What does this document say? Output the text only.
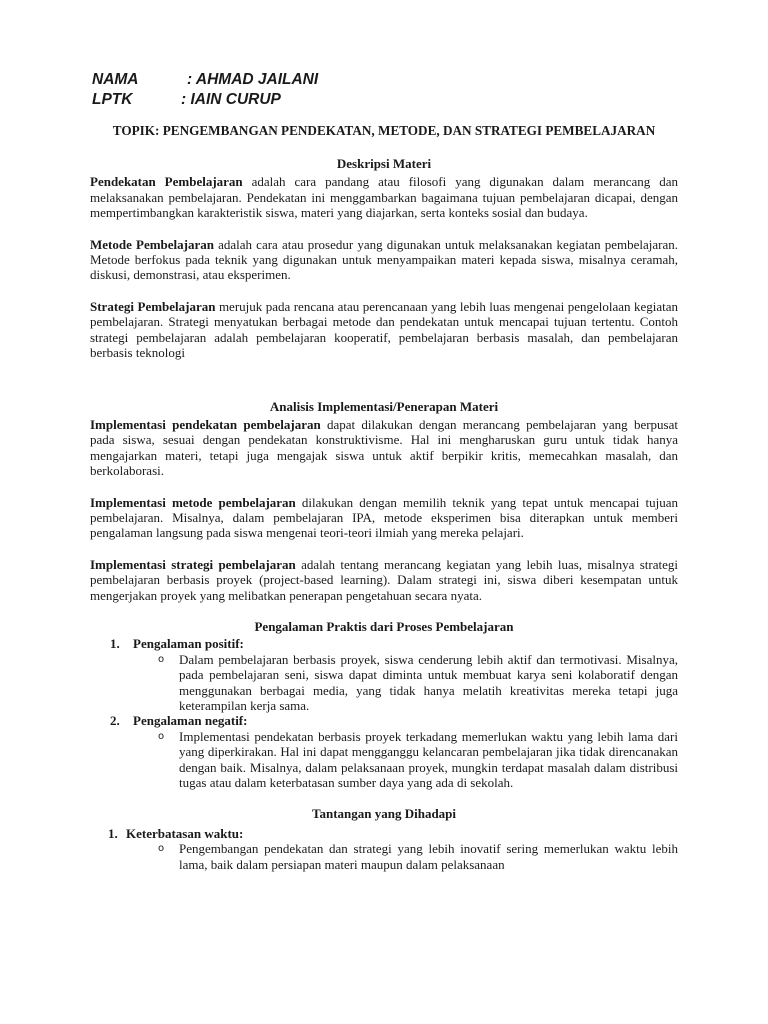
NAMA	: AHMAD JAILANI
LPTK	: IAIN CURUP
TOPIK: PENGEMBANGAN PENDEKATAN, METODE, DAN STRATEGI PEMBELAJARAN
Deskripsi Materi

Pendekatan Pembelajaran adalah cara pandang atau filosofi yang digunakan dalam merancang dan melaksanakan pembelajaran. Pendekatan ini menggambarkan bagaimana tujuan pembelajaran dicapai, dengan mempertimbangkan karakteristik siswa, materi yang diajarkan, serta konteks sosial dan budaya.

Metode Pembelajaran adalah cara atau prosedur yang digunakan untuk melaksanakan kegiatan pembelajaran. Metode berfokus pada teknik yang digunakan untuk menyampaikan materi kepada siswa, misalnya ceramah, diskusi, demonstrasi, atau eksperimen.

Strategi Pembelajaran merujuk pada rencana atau perencanaan yang lebih luas mengenai pengelolaan kegiatan pembelajaran. Strategi menyatukan berbagai metode dan pendekatan untuk mencapai tujuan tertentu. Contoh strategi pembelajaran adalah pembelajaran kooperatif, pembelajaran berbasis masalah, dan pembelajaran berbasis teknologi

Analisis Implementasi/Penerapan Materi

Implementasi pendekatan pembelajaran dapat dilakukan dengan merancang pembelajaran yang berpusat pada siswa, sesuai dengan pendekatan konstruktivisme. Hal ini mengharuskan guru untuk tidak hanya mengajarkan materi, tetapi juga mengajak siswa untuk aktif berpikir kritis, memecahkan masalah, dan berkolaborasi.

Implementasi metode pembelajaran dilakukan dengan memilih teknik yang tepat untuk mencapai tujuan pembelajaran. Misalnya, dalam pembelajaran IPA, metode eksperimen bisa diterapkan untuk memberi pengalaman langsung pada siswa mengenai teori-teori ilmiah yang mereka pelajari.

Implementasi strategi pembelajaran adalah tentang merancang kegiatan yang lebih luas, misalnya strategi pembelajaran berbasis proyek (project-based learning). Dalam strategi ini, siswa diberi kesempatan untuk mengerjakan proyek yang melibatkan penerapan pengetahuan secara nyata.

Pengalaman Praktis dari Proses Pembelajaran
1.	Pengalaman positif:
o	Dalam pembelajaran berbasis proyek, siswa cenderung lebih aktif dan termotivasi. Misalnya, pada pembelajaran seni, siswa dapat diminta untuk membuat karya seni kolaboratif dengan menggunakan berbagai media, yang tidak hanya melatih kreativitas mereka tetapi juga keterampilan kerja sama.

2.	Pengalaman negatif:
o	Implementasi pendekatan berbasis proyek terkadang memerlukan waktu yang lebih lama dari yang diperkirakan. Hal ini dapat mengganggu kelancaran pembelajaran jika tidak direncanakan dengan baik. Misalnya, dalam pelaksanaan proyek, mungkin terdapat masalah dalam distribusi tugas atau dalam keterbatasan sumber daya yang ada di sekolah.

Tantangan yang Dihadapi
1. Keterbatasan waktu:
o	Pengembangan pendekatan dan strategi yang lebih inovatif sering memerlukan waktu lebih lama, baik dalam persiapan materi maupun dalam pelaksanaan
